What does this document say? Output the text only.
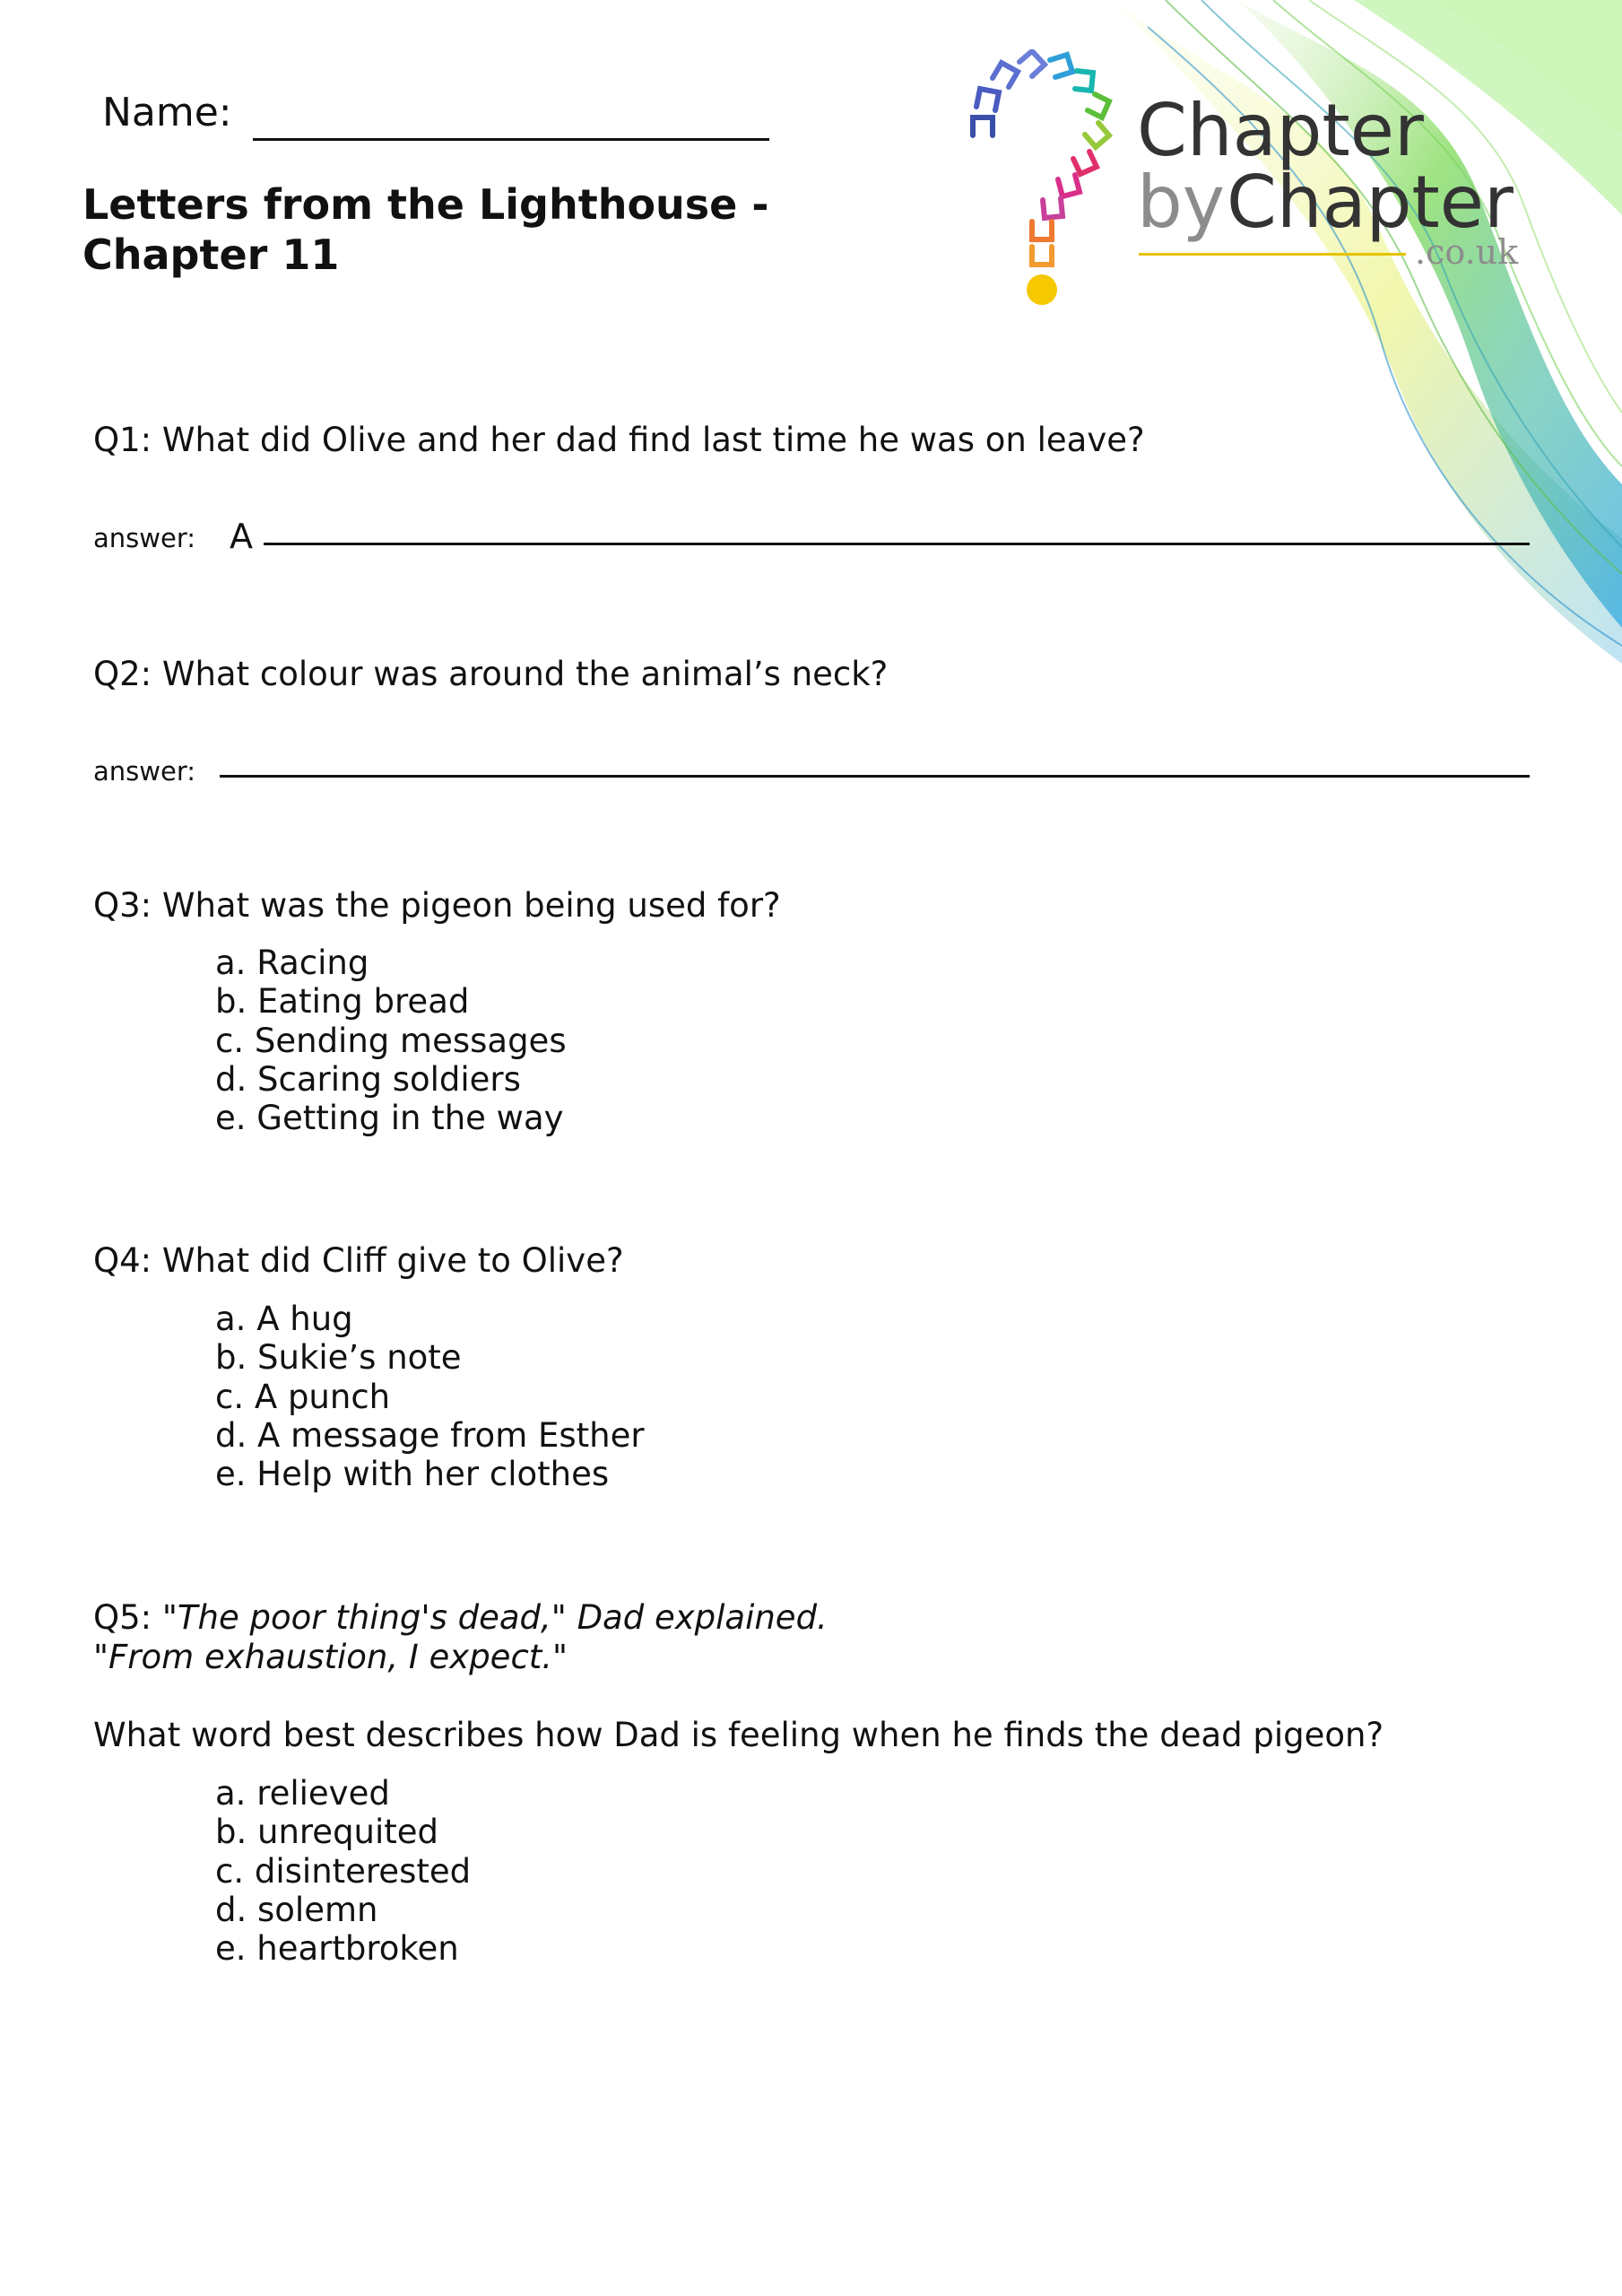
Chapter
by Chapter
.co.uk
Name:
Letters from the Lighthouse - Chapter 11
Q1: What did Olive and her dad find last time he was on leave?
answer: A
Q2: What colour was around the animal’s neck?
answer:
Q3: What was the pigeon being used for?
a. Racing
b. Eating bread
c. Sending messages
d. Scaring soldiers
e. Getting in the way
Q4: What did Cliff give to Olive?
a. A hug
b. Sukie’s note
c. A punch
d. A message from Esther
e. Help with her clothes
Q5: "The poor thing's dead," Dad explained.
"From exhaustion, I expect."
What word best describes how Dad is feeling when he finds the dead pigeon?
a. relieved
b. unrequited
c. disinterested
d. solemn
e. heartbroken
